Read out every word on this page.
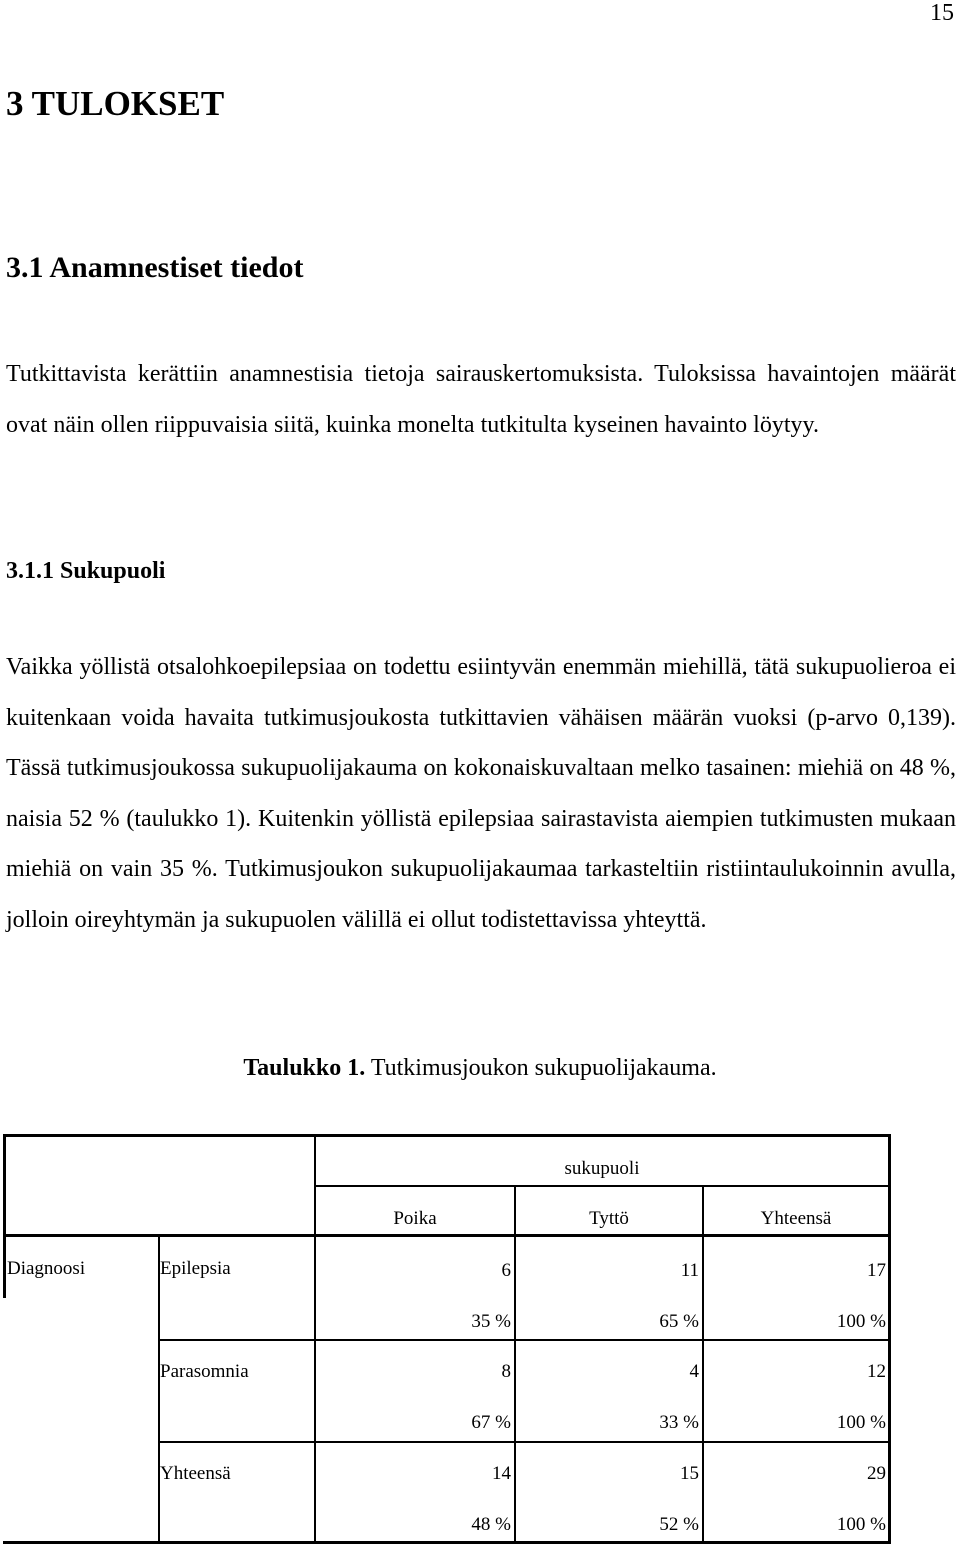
15
3 TULOKSET
3.1 Anamnestiset tiedot

Tutkittavista kerättiin anamnestisia tietoja sairauskertomuksista. Tuloksissa havaintojen määrät ovat näin ollen riippuvaisia siitä, kuinka monelta tutkitulta kyseinen havainto löytyy.

3.1.1 Sukupuoli

Vaikka yöllistä otsalohkoepilepsiaa on todettu esiintyvän enemmän miehillä, tätä sukupuolieroa ei kuitenkaan voida havaita tutkimusjoukosta tutkittavien vähäisen määrän vuoksi (p-arvo 0,139). Tässä tutkimusjoukossa sukupuolijakauma on kokonaiskuvaltaan melko tasainen: miehiä on 48 %, naisia 52 % (taulukko 1). Kuitenkin yöllistä epilepsiaa sairastavista aiempien tutkimusten mukaan miehiä on vain 35 %. Tutkimusjoukon sukupuolijakaumaa tarkasteltiin ristiintaulukoinnin avulla, jolloin oireyhtymän ja sukupuolen välillä ei ollut todistettavissa yhteyttä.

Taulukko 1. Tutkimusjoukon sukupuolijakauma.

sukupuoli
Poika	Tyttö	Yhteensä
Diagnoosi	Epilepsia	6	11	17
35 %	65 %	100 %
Parasomnia	8	4	12
67 %	33 %	100 %
Yhteensä	14	15	29
48 %	52 %	100 %
